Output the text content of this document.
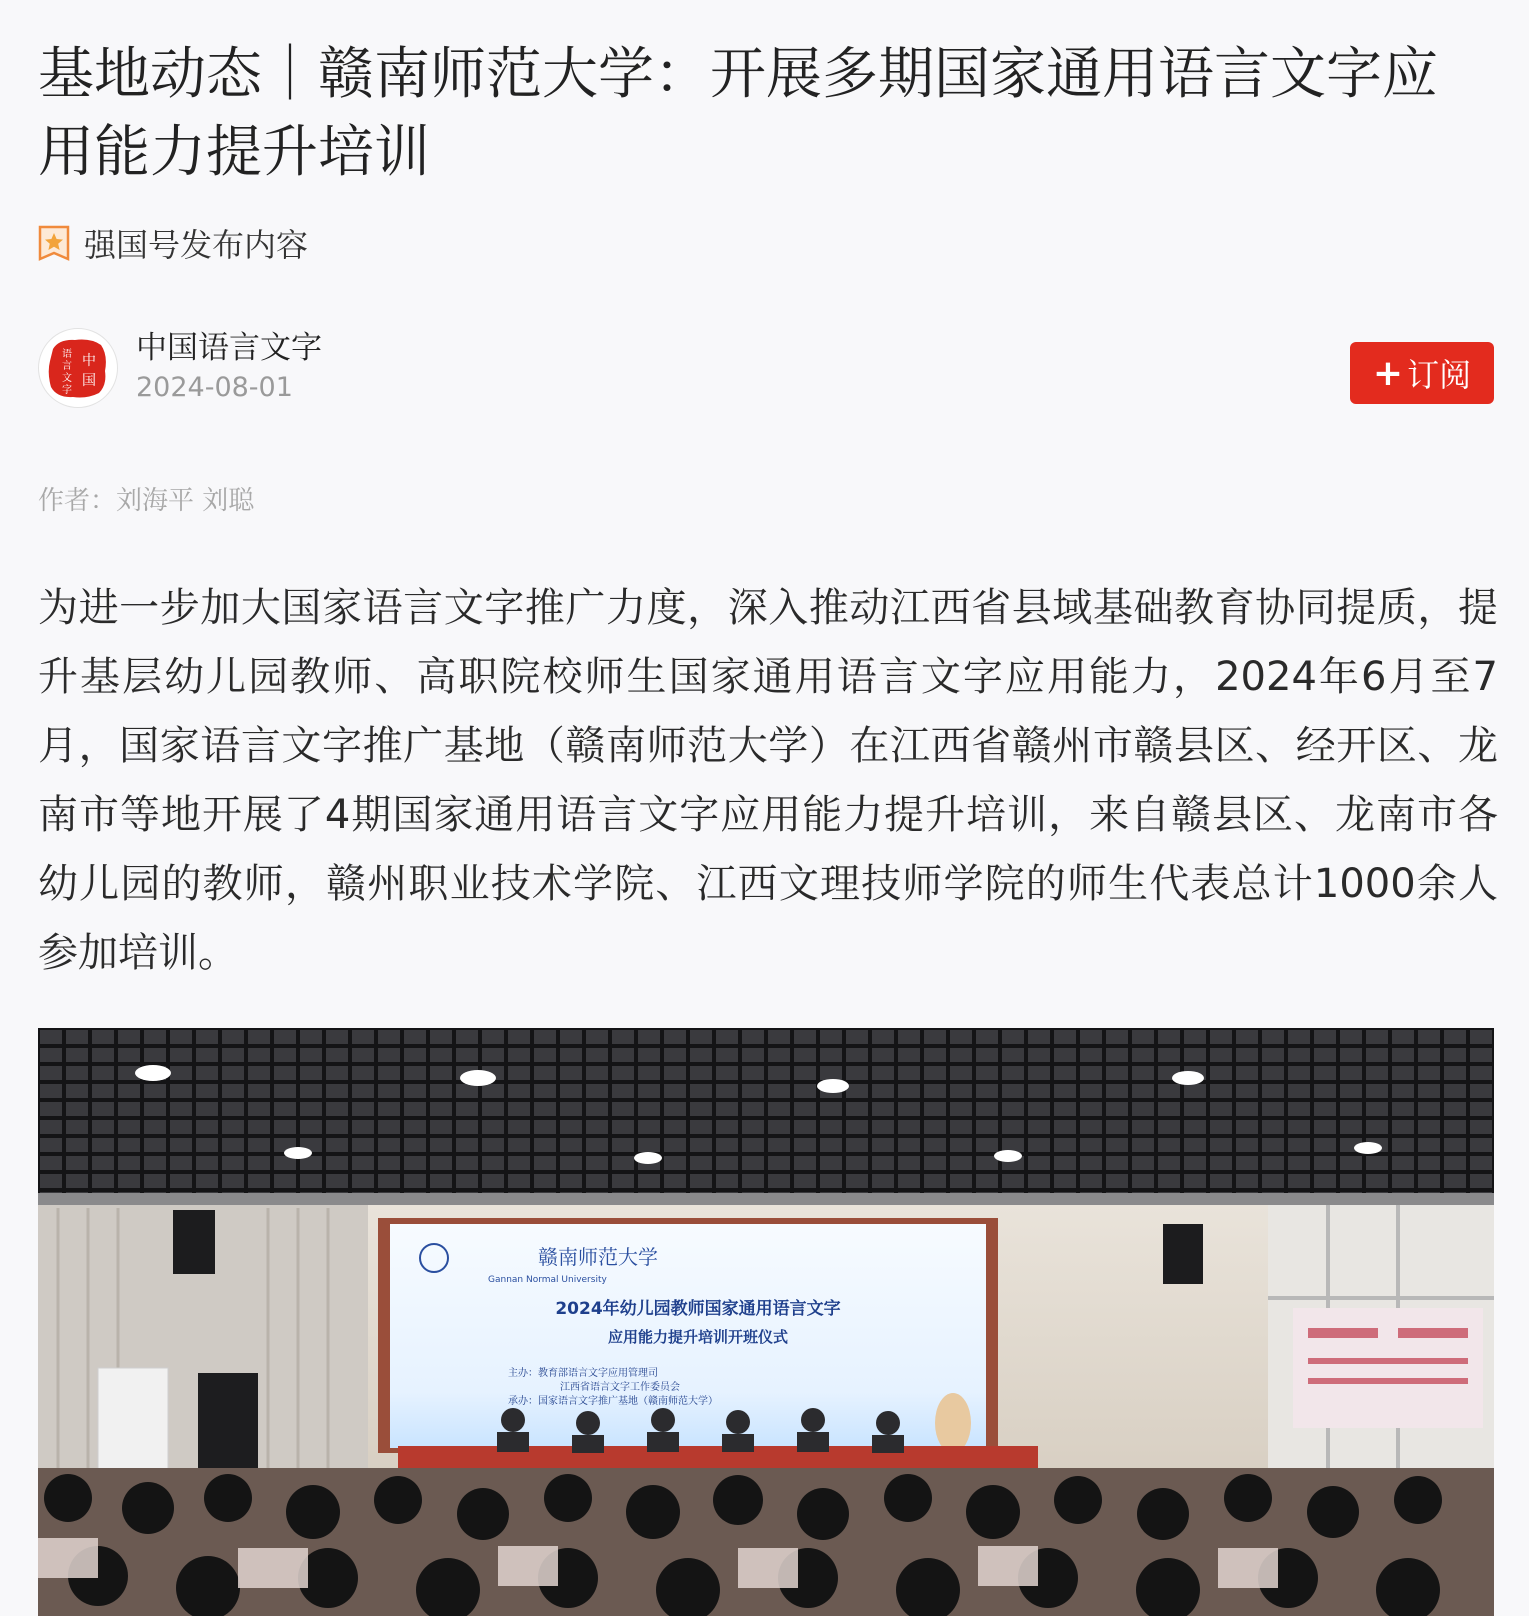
基地动态｜赣南师范大学：开展多期国家通用语言文字应用能力提升培训
强国号发布内容
中
国
语
言
文
字
中国语言文字
2024-08-01	+ 订阅
作者：刘海平 刘聪

为进一步加大国家语言文字推广力度，深入推动江西省县域基础教育协同提质，提升基层幼儿园教师、高职院校师生国家通用语言文字应用能力，2024年6月至7月，国家语言文字推广基地（赣南师范大学）在江西省赣州市赣县区、经开区、龙南市等地开展了4期国家通用语言文字应用能力提升培训，来自赣县区、龙南市各幼儿园的教师，赣州职业技术学院、江西文理技师学院的师生代表总计1000余人参加培训。

赣南师范大学
Gannan Normal University
2024年幼儿园教师国家通用语言文字
应用能力提升培训开班仪式
主办：教育部语言文字应用管理司
江西省语言文字工作委员会
承办：国家语言文字推广基地（赣南师范大学）
